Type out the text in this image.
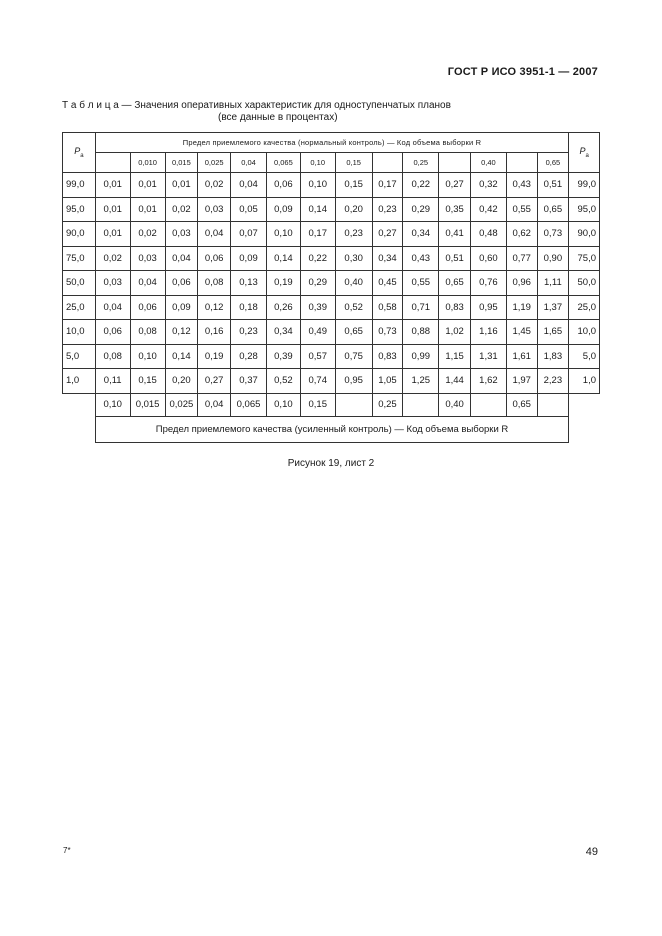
ГОСТ Р ИСО 3951-1 — 2007
Т а б л и ц а — Значения оперативных характеристик для одноступенчатых планов
(все данные в процентах)
$P_a$	Предел приемлемого качества (нормальный контроль) — Код объема выборки R														$P_a$
		0,010	0,015	0,025	0,04	0,065	0,10	0,15		0,25		0,40		0,65	
99,0	0,01	0,01	0,01	0,02	0,04	0,06	0,10	0,15	0,17	0,22	0,27	0,32	0,43	0,51	99,0
95,0	0,01	0,01	0,02	0,03	0,05	0,09	0,14	0,20	0,23	0,29	0,35	0,42	0,55	0,65	95,0
90,0	0,01	0,02	0,03	0,04	0,07	0,10	0,17	0,23	0,27	0,34	0,41	0,48	0,62	0,73	90,0
75,0	0,02	0,03	0,04	0,06	0,09	0,14	0,22	0,30	0,34	0,43	0,51	0,60	0,77	0,90	75,0
50,0	0,03	0,04	0,06	0,08	0,13	0,19	0,29	0,40	0,45	0,55	0,65	0,76	0,96	1,11	50,0
25,0	0,04	0,06	0,09	0,12	0,18	0,26	0,39	0,52	0,58	0,71	0,83	0,95	1,19	1,37	25,0
10,0	0,06	0,08	0,12	0,16	0,23	0,34	0,49	0,65	0,73	0,88	1,02	1,16	1,45	1,65	10,0
5,0	0,08	0,10	0,14	0,19	0,28	0,39	0,57	0,75	0,83	0,99	1,15	1,31	1,61	1,83	5,0
1,0	0,11	0,15	0,20	0,27	0,37	0,52	0,74	0,95	1,05	1,25	1,44	1,62	1,97	2,23	1,0
	0,10	0,015	0,025	0,04	0,065	0,10	0,15		0,25		0,40		0,65		
	Предел приемлемого качества (усиленный контроль) — Код объема выборки R														
Рисунок 19, лист 2
7*	49
